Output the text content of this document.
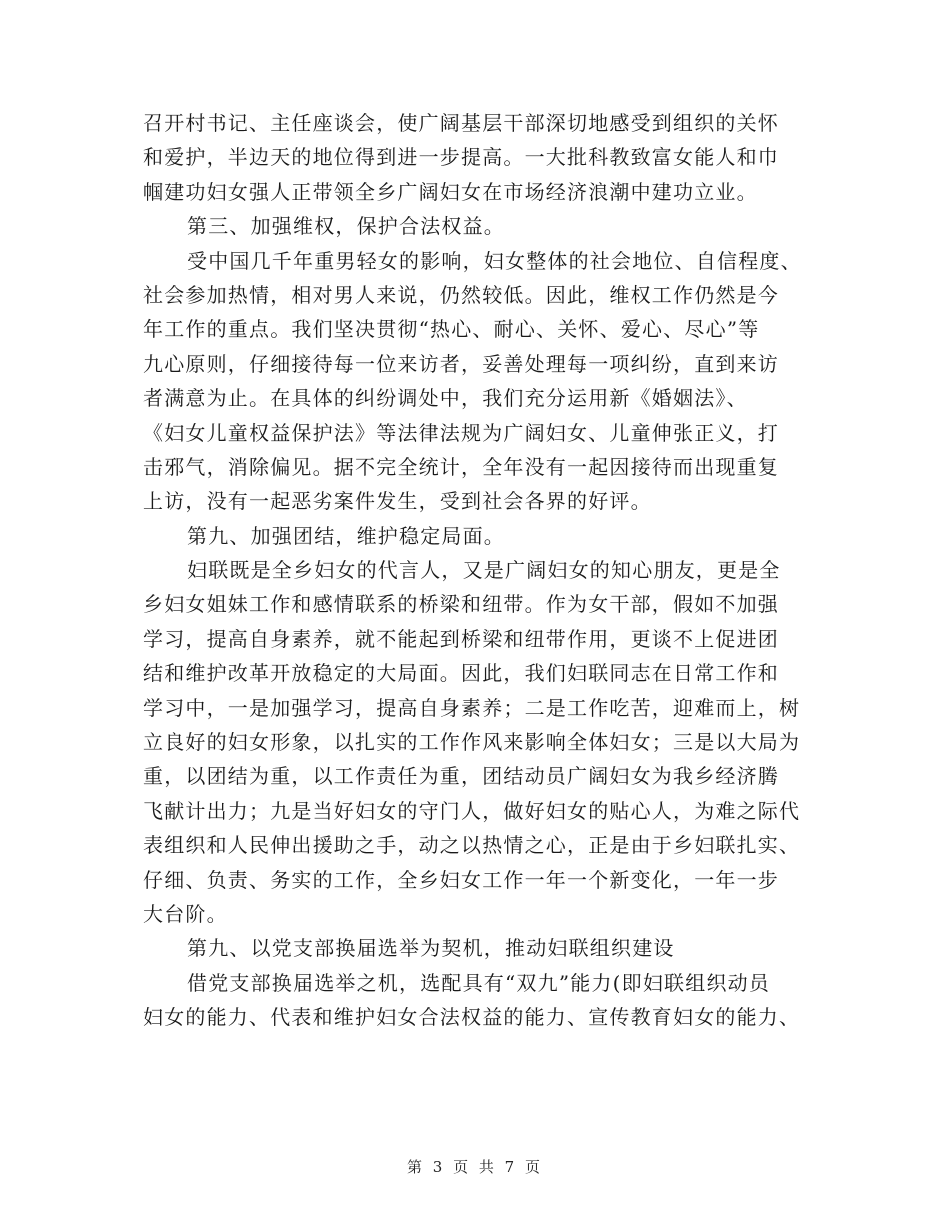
召开村书记、主任座谈会，使广阔基层干部深切地感受到组织的关怀
和爱护，半边天的地位得到进一步提高。一大批科教致富女能人和巾
帼建功妇女强人正带领全乡广阔妇女在市场经济浪潮中建功立业。
第三、加强维权，保护合法权益。
受中国几千年重男轻女的影响，妇女整体的社会地位、自信程度、
社会参加热情，相对男人来说，仍然较低。因此，维权工作仍然是今
年工作的重点。我们坚决贯彻“热心、耐心、关怀、爱心、尽心”等
九心原则，仔细接待每一位来访者，妥善处理每一项纠纷，直到来访
者满意为止。在具体的纠纷调处中，我们充分运用新《婚姻法》、
《妇女儿童权益保护法》等法律法规为广阔妇女、儿童伸张正义，打
击邪气，消除偏见。据不完全统计，全年没有一起因接待而出现重复
上访，没有一起恶劣案件发生，受到社会各界的好评。
第九、加强团结，维护稳定局面。
妇联既是全乡妇女的代言人，又是广阔妇女的知心朋友，更是全
乡妇女姐妹工作和感情联系的桥梁和纽带。作为女干部，假如不加强
学习，提高自身素养，就不能起到桥梁和纽带作用，更谈不上促进团
结和维护改革开放稳定的大局面。因此，我们妇联同志在日常工作和
学习中，一是加强学习，提高自身素养；二是工作吃苦，迎难而上，树
立良好的妇女形象，以扎实的工作作风来影响全体妇女；三是以大局为
重，以团结为重，以工作责任为重，团结动员广阔妇女为我乡经济腾
飞献计出力；九是当好妇女的守门人，做好妇女的贴心人，为难之际代
表组织和人民伸出援助之手，动之以热情之心，正是由于乡妇联扎实、
仔细、负责、务实的工作，全乡妇女工作一年一个新变化，一年一步
大台阶。
第九、以党支部换届选举为契机，推动妇联组织建设
借党支部换届选举之机，选配具有“双九”能力(即妇联组织动员
妇女的能力、代表和维护妇女合法权益的能力、宣传教育妇女的能力、
第 3 页 共 7 页
